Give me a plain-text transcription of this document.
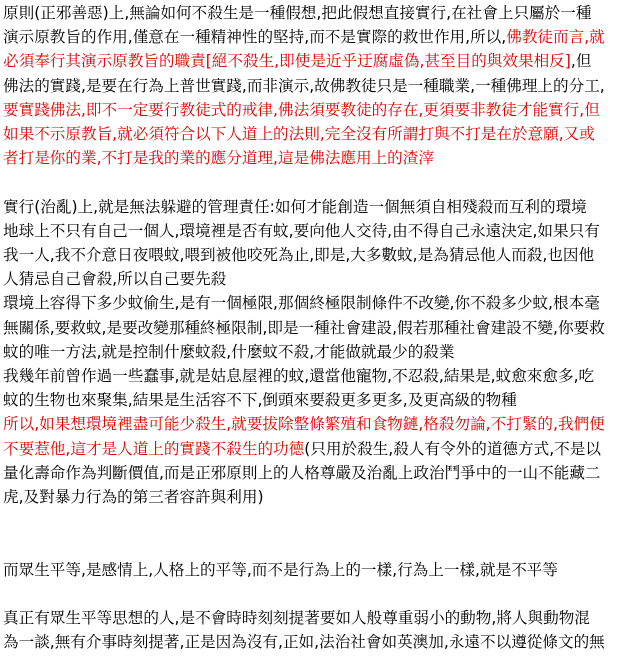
原則(正邪善惡)上,無論如何不殺生是一種假想,把此假想直接實行,在社會上只屬於一種
演示原教旨的作用,僅意在一種精神性的堅持,而不是實際的救世作用,所以,佛教徒而言,就
必須奉行其演示原教旨的職責[絕不殺生,即使是近乎迂腐虛偽,甚至目的與效果相反],但
佛法的實踐,是要在行為上普世實踐,而非演示,故佛教徒只是一種職業,一種佛理上的分工,
要實踐佛法,即不一定要行教徒式的戒律,佛法須要教徒的存在,更須要非教徒才能實行,但
如果不示原教旨,就必須符合以下人道上的法則,完全沒有所謂打與不打是在於意願,又或
者打是你的業,不打是我的業的應分道理,這是佛法應用上的渣滓
實行(治亂)上,就是無法躲避的管理責任:如何才能創造一個無須自相殘殺而互利的環境
地球上不只有自己一個人,環境裡是否有蚊,要向他人交待,由不得自己永遠決定,如果只有
我一人,我不介意日夜喂蚊,喂到被他咬死為止,即是,大多數蚊,是為猜忌他人而殺,也因他
人猜忌自己會殺,所以自己要先殺
環境上容得下多少蚊偷生,是有一個極限,那個終極限制條件不改變,你不殺多少蚊,根本毫
無關係,要救蚊,是要改變那種終極限制,即是一種社會建設,假若那種社會建設不變,你要救
蚊的唯一方法,就是控制什麼蚊殺,什麼蚊不殺,才能做就最少的殺業
我幾年前曾作過一些蠢事,就是姑息屋裡的蚊,還當他寵物,不忍殺,結果是,蚊愈來愈多,吃
蚊的生物也來聚集,結果是生活容不下,倒頭來要殺更多更多,及更高級的物種
所以,如果想環境裡盡可能少殺生,就要拔除整條繁殖和食物鏈,格殺勿論,不打緊的,我們便
不要惹他,這才是人道上的實踐不殺生的功德(只用於殺生,殺人有令外的道德方式,不是以
量化壽命作為判斷價值,而是正邪原則上的人格尊嚴及治亂上政治鬥爭中的一山不能藏二
虎,及對暴力行為的第三者容許與利用)
而眾生平等,是感情上,人格上的平等,而不是行為上的一樣,行為上一樣,就是不平等
真正有眾生平等思想的人,是不會時時刻刻提著要如人般尊重弱小的動物,將人與動物混
為一談,無有介事時刻提著,正是因為沒有,正如,法治社會如英澳加,永遠不以遵從條文的無
